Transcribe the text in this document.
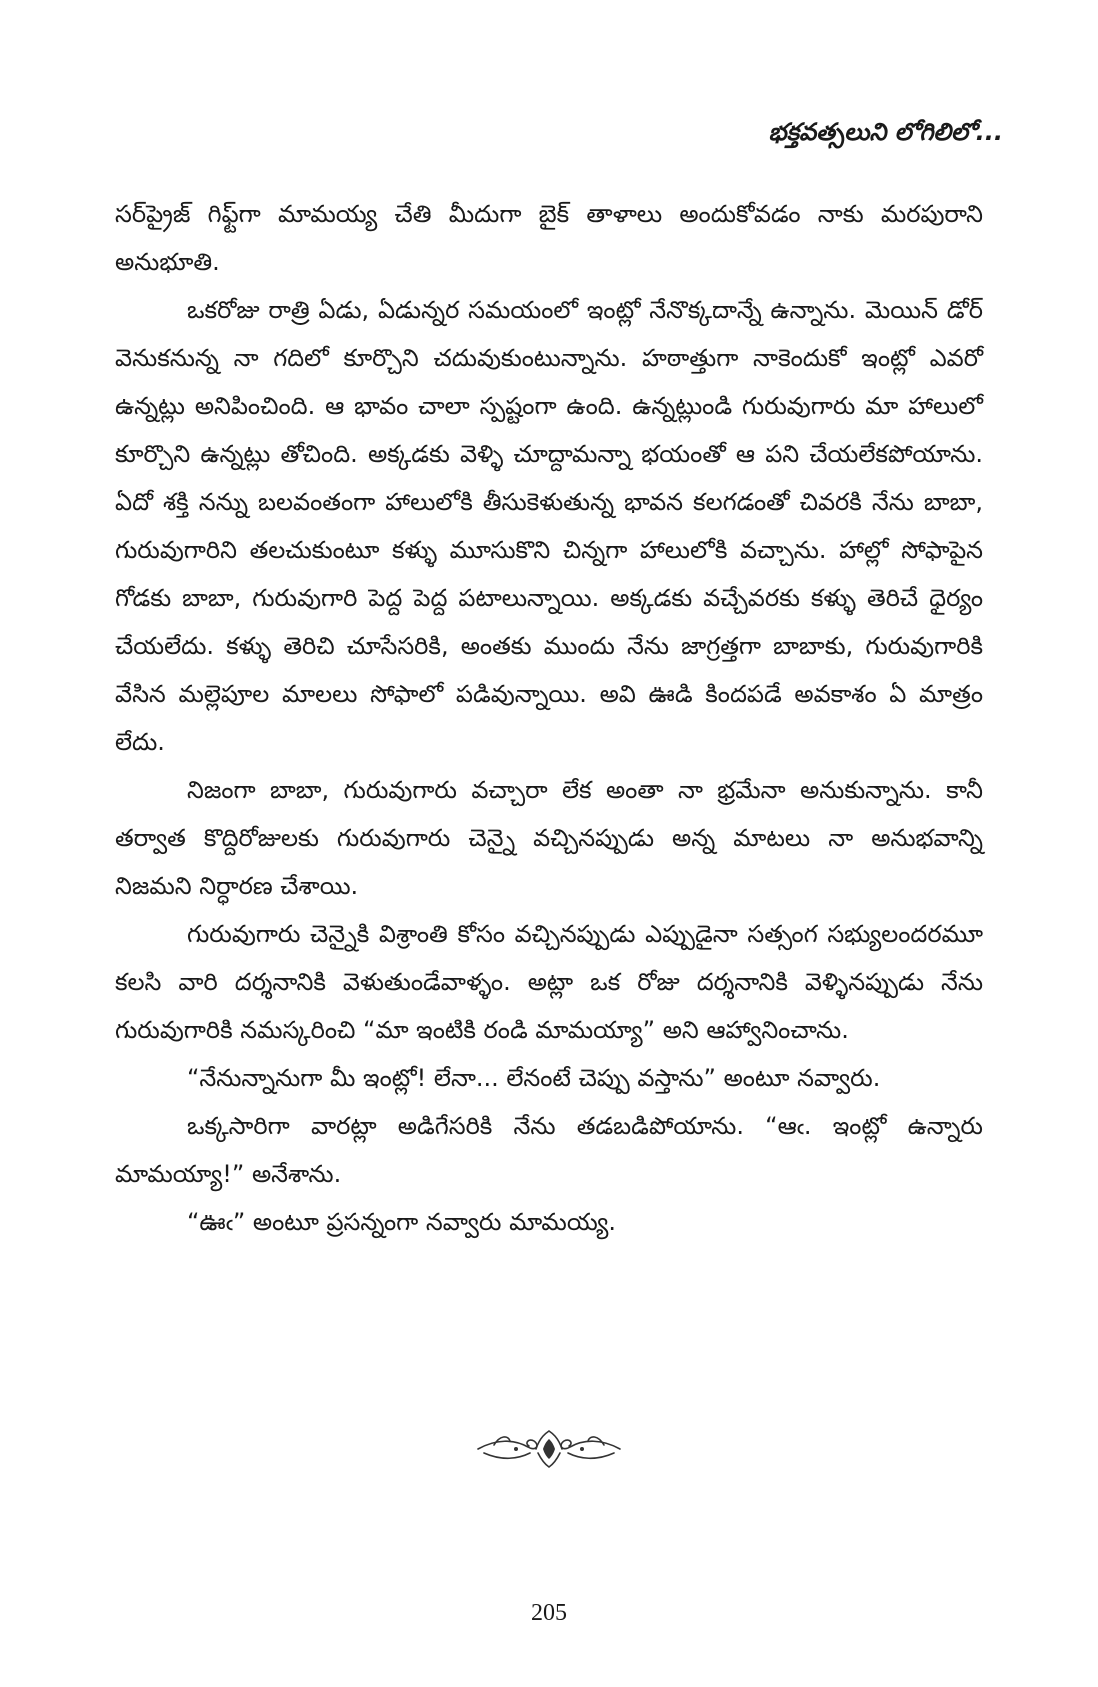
భక్తవత్సలుని లోగిలిలో...

సర్‌ప్రైజ్ గిఫ్ట్‌గా మామయ్య చేతి మీదుగా బైక్ తాళాలు అందుకోవడం నాకు మరపురాని అనుభూతి.

ఒకరోజు రాత్రి ఏడు, ఏడున్నర సమయంలో ఇంట్లో నేనొక్కదాన్నే ఉన్నాను. మెయిన్ డోర్ వెనుకనున్న నా గదిలో కూర్చొని చదువుకుంటున్నాను. హఠాత్తుగా నాకెందుకో ఇంట్లో ఎవరో ఉన్నట్లు అనిపించింది. ఆ భావం చాలా స్పష్టంగా ఉంది. ఉన్నట్లుండి గురువుగారు మా హాలులో కూర్చొని ఉన్నట్లు తోచింది. అక్కడకు వెళ్ళి చూద్దామన్నా భయంతో ఆ పని చేయలేకపోయాను. ఏదో శక్తి నన్ను బలవంతంగా హాలులోకి తీసుకెళుతున్న భావన కలగడంతో చివరకి నేను బాబా, గురువుగారిని తలచుకుంటూ కళ్ళు మూసుకొని చిన్నగా హాలులోకి వచ్చాను. హాల్లో సోఫాపైన గోడకు బాబా, గురువుగారి పెద్ద పెద్ద పటాలున్నాయి. అక్కడకు వచ్చేవరకు కళ్ళు తెరిచే ధైర్యం చేయలేదు. కళ్ళు తెరిచి చూసేసరికి, అంతకు ముందు నేను జాగ్రత్తగా బాబాకు, గురువుగారికి వేసిన మల్లెపూల మాలలు సోఫాలో పడివున్నాయి. అవి ఊడి కిందపడే అవకాశం ఏ మాత్రం లేదు.

నిజంగా బాబా, గురువుగారు వచ్చారా లేక అంతా నా భ్రమేనా అనుకున్నాను. కానీ తర్వాత కొద్దిరోజులకు గురువుగారు చెన్నై వచ్చినప్పుడు అన్న మాటలు నా అనుభవాన్ని నిజమని నిర్ధారణ చేశాయి.

గురువుగారు చెన్నైకి విశ్రాంతి కోసం వచ్చినప్పుడు ఎప్పుడైనా సత్సంగ సభ్యులందరమూ కలసి వారి దర్శనానికి వెళుతుండేవాళ్ళం. అట్లా ఒక రోజు దర్శనానికి వెళ్ళినప్పుడు నేను గురువుగారికి నమస్కరించి “మా ఇంటికి రండి మామయ్యా” అని ఆహ్వానించాను.

“నేనున్నానుగా మీ ఇంట్లో! లేనా... లేనంటే చెప్పు వస్తాను” అంటూ నవ్వారు.

ఒక్కసారిగా వారట్లా అడిగేసరికి నేను తడబడిపోయాను. “ఆఁ. ఇంట్లో ఉన్నారు మామయ్యా!” అనేశాను.

“ఊఁ” అంటూ ప్రసన్నంగా నవ్వారు మామయ్య.

205
